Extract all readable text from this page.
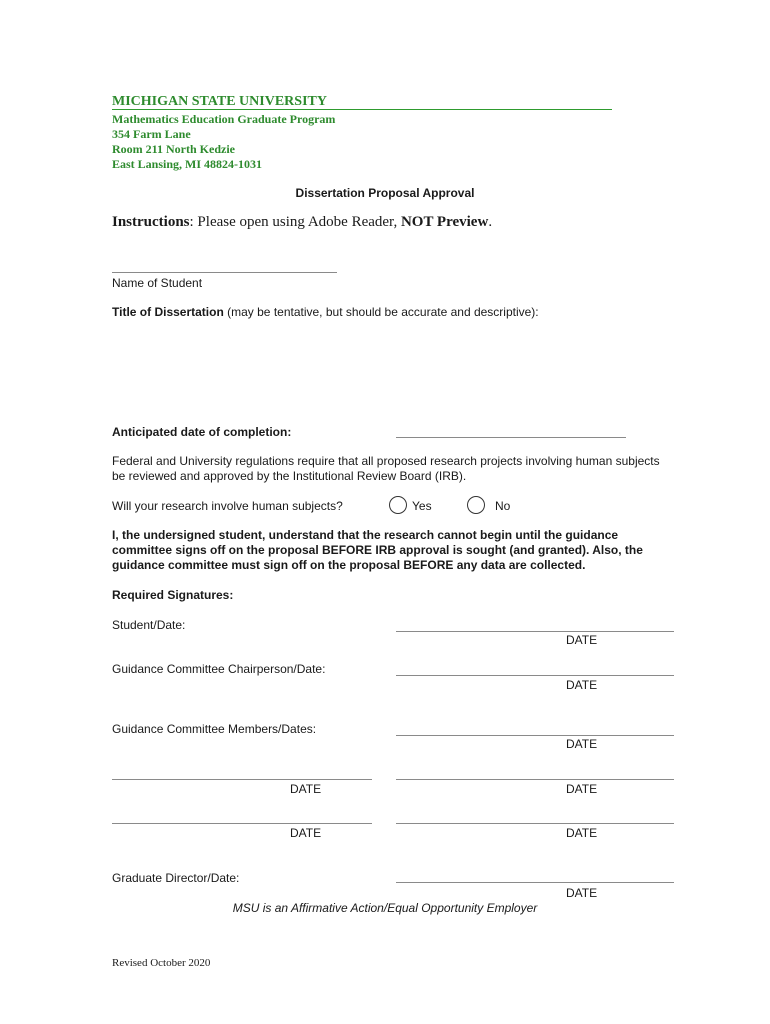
MICHIGAN STATE UNIVERSITY
Mathematics Education Graduate Program
354 Farm Lane
Room 211 North Kedzie
East Lansing, MI 48824-1031
Dissertation Proposal Approval
Instructions: Please open using Adobe Reader, NOT Preview.
Name of Student
Title of Dissertation (may be tentative, but should be accurate and descriptive):
Anticipated date of completion:
Federal and University regulations require that all proposed research projects involving human subjects be reviewed and approved by the Institutional Review Board (IRB).
Will your research involve human subjects?	Yes	No
I, the undersigned student, understand that the research cannot begin until the guidance committee signs off on the proposal BEFORE IRB approval is sought (and granted). Also, the guidance committee must sign off on the proposal BEFORE any data are collected.
Required Signatures:
Student/Date:
DATE
Guidance Committee Chairperson/Date:
DATE
Guidance Committee Members/Dates:
DATE
DATE	DATE
DATE	DATE
Graduate Director/Date:
DATE
MSU is an Affirmative Action/Equal Opportunity Employer
Revised October 2020
